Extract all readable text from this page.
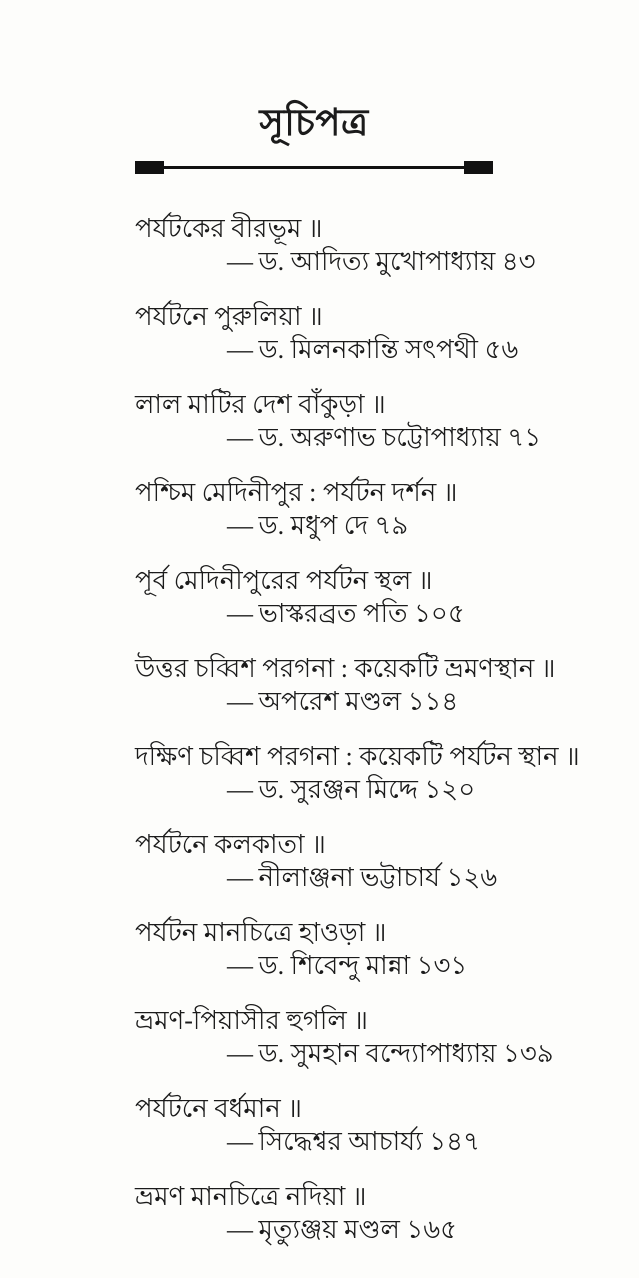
সূচিপত্র
পর্যটকের বীরভূম ॥
— ড. আদিত্য মুখোপাধ্যায় ৪৩
পর্যটনে পুরুলিয়া ॥
— ড. মিলনকান্তি সৎপথী ৫৬
লাল মাটির দেশ বাঁকুড়া ॥
— ড. অরুণাভ চট্টোপাধ্যায় ৭১
পশ্চিম মেদিনীপুর : পর্যটন দর্শন ॥
— ড. মধুপ দে ৭৯
পূর্ব মেদিনীপুরের পর্যটন স্থল ॥
— ভাস্করব্রত পতি ১০৫
উত্তর চব্বিশ পরগনা : কয়েকটি ভ্রমণস্থান ॥
— অপরেশ মণ্ডল ১১৪
দক্ষিণ চব্বিশ পরগনা : কয়েকটি পর্যটন স্থান ॥
— ড. সুরঞ্জন মিদ্দে ১২০
পর্যটনে কলকাতা ॥
— নীলাঞ্জনা ভট্টাচার্য ১২৬
পর্যটন মানচিত্রে হাওড়া ॥
— ড. শিবেন্দু মান্না ১৩১
ভ্রমণ-পিয়াসীর হুগলি ॥
— ড. সুমহান বন্দ্যোপাধ্যায় ১৩৯
পর্যটনে বর্ধমান ॥
— সিদ্ধেশ্বর আচার্য্য ১৪৭
ভ্রমণ মানচিত্রে নদিয়া ॥
— মৃত্যুঞ্জয় মণ্ডল ১৬৫
